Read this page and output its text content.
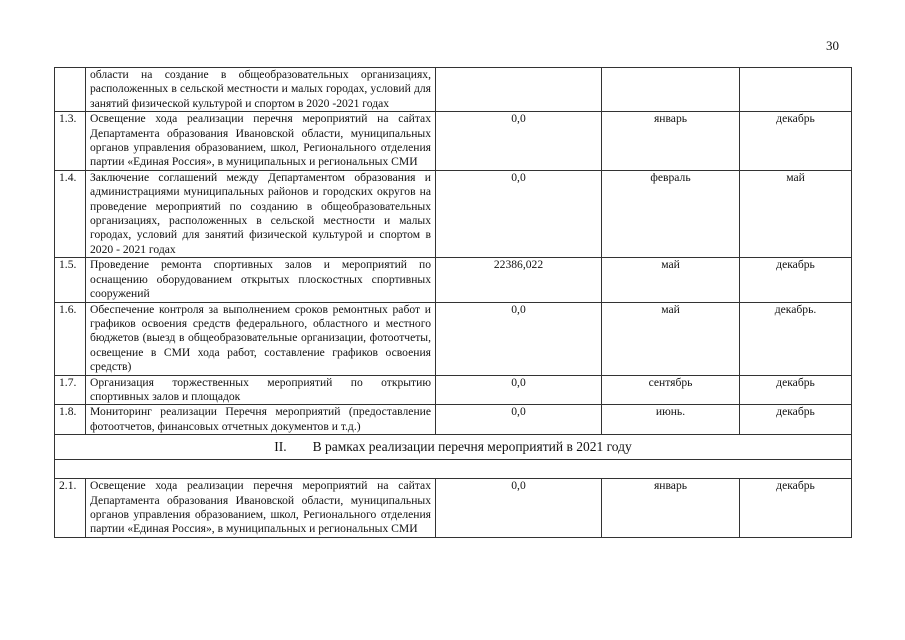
30
	области на создание в общеобразовательных организациях, расположенных в сельской местности и малых городах, условий для занятий физической культурой и спортом в 2020 -2021 годах			
1.3.	Освещение хода реализации перечня мероприятий на сайтах Департамента образования Ивановской области, муниципальных органов управления образованием, школ, Регионального отделения партии «Единая Россия», в муниципальных и региональных СМИ	0,0	январь	декабрь
1.4.	Заключение соглашений между Департаментом образования и администрациями муниципальных районов и городских округов на проведение мероприятий по созданию в общеобразовательных организациях, расположенных в сельской местности и малых городах, условий для занятий физической культурой и спортом в 2020 - 2021 годах	0,0	февраль	май
1.5.	Проведение ремонта спортивных залов и мероприятий по оснащению оборудованием открытых плоскостных спортивных сооружений	22386,022	май	декабрь
1.6.	Обеспечение контроля за выполнением сроков ремонтных работ и графиков освоения средств федерального, областного и местного бюджетов (выезд в общеобразовательные организации, фотоотчеты, освещение в СМИ хода работ, составление графиков освоения средств)	0,0	май	декабрь.
1.7.	Организация торжественных мероприятий по открытию спортивных залов и площадок	0,0	сентябрь	декабрь
1.8.	Мониторинг реализации Перечня мероприятий (предоставление фотоотчетов, финансовых отчетных документов и т.д.)	0,0	июнь.	декабрь
II. В рамках реализации перечня мероприятий в 2021 году				

2.1.	Освещение хода реализации перечня мероприятий на сайтах Департамента образования Ивановской области, муниципальных органов управления образованием, школ, Регионального отделения партии «Единая Россия», в муниципальных и региональных СМИ	0,0	январь	декабрь
